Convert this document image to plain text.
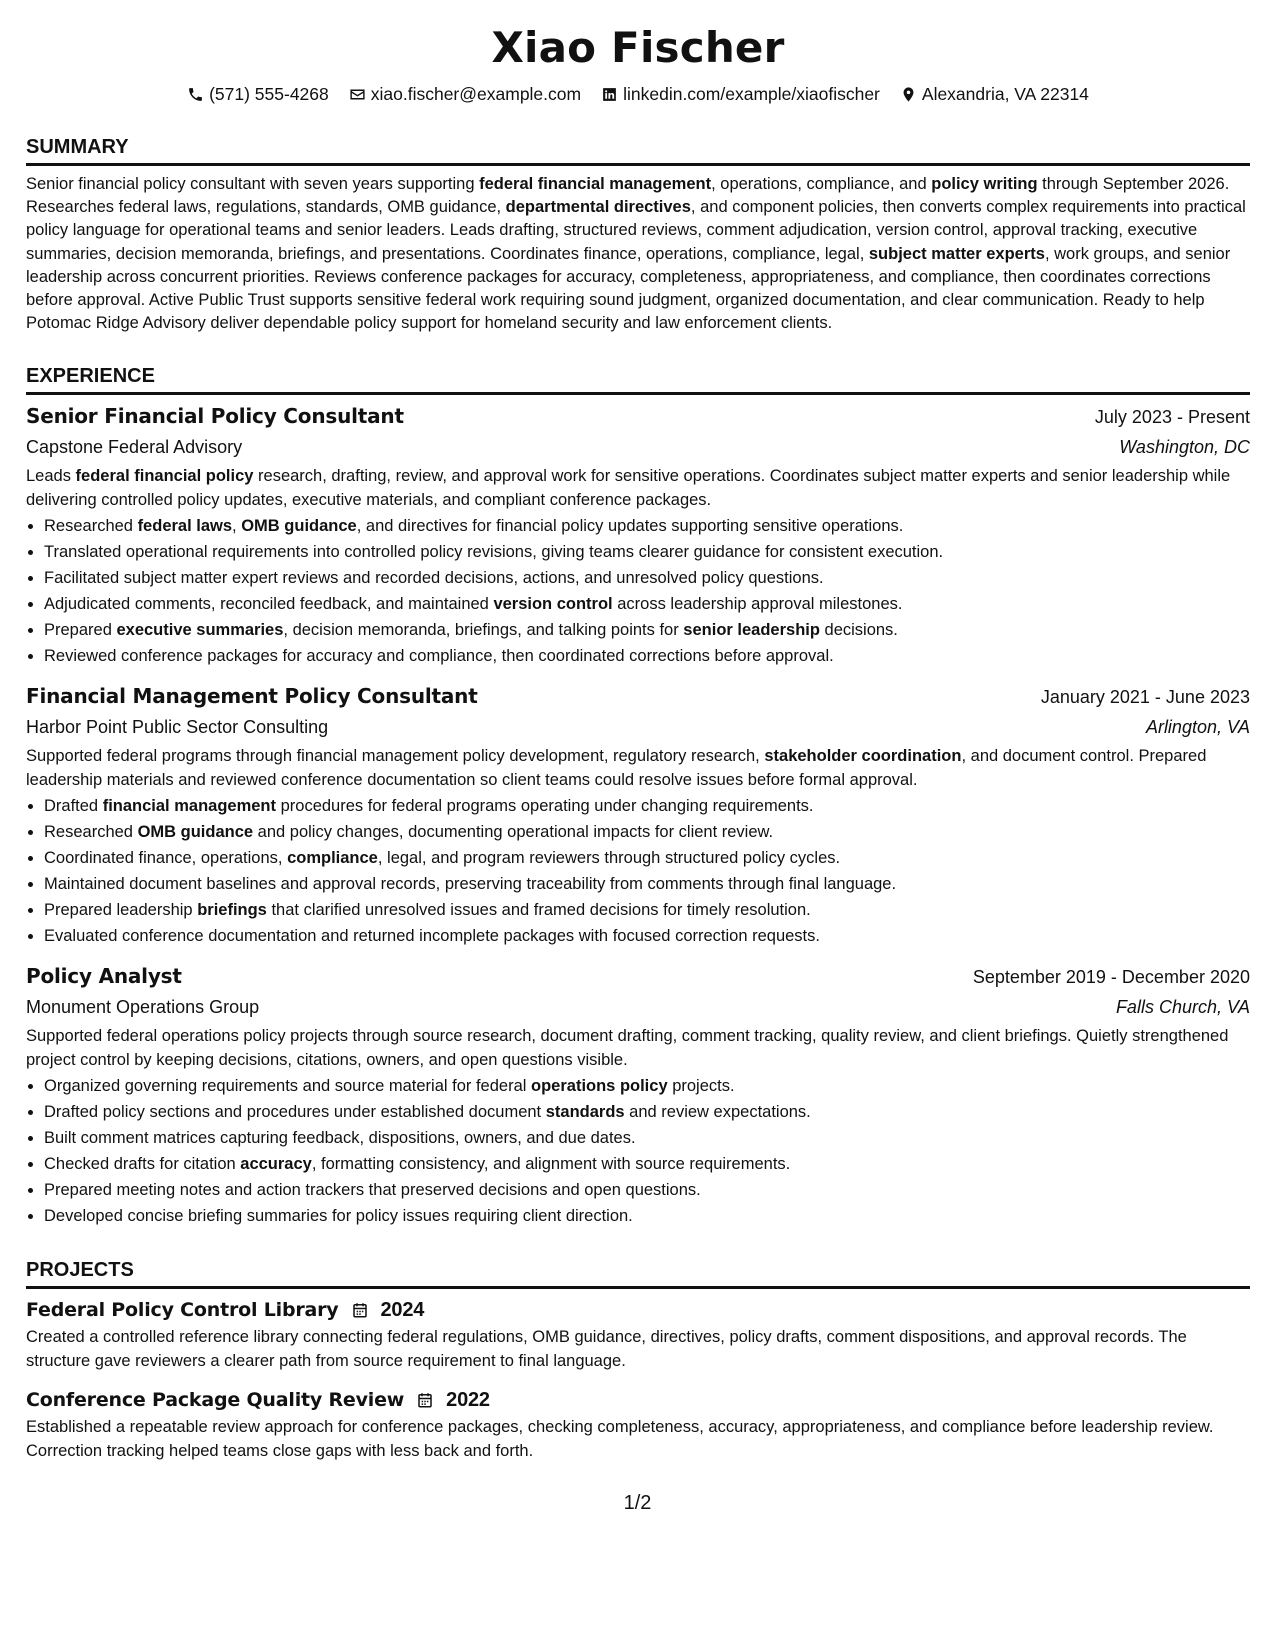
Xiao Fischer
(571) 555-4268 xiao.fischer@example.com linkedin.com/example/xiaofischer Alexandria, VA 22314
SUMMARY
Senior financial policy consultant with seven years supporting federal financial management, operations, compliance, and policy writing through September 2026. Researches federal laws, regulations, standards, OMB guidance, departmental directives, and component policies, then converts complex requirements into practical policy language for operational teams and senior leaders. Leads drafting, structured reviews, comment adjudication, version control, approval tracking, executive summaries, decision memoranda, briefings, and presentations. Coordinates finance, operations, compliance, legal, subject matter experts, work groups, and senior leadership across concurrent priorities. Reviews conference packages for accuracy, completeness, appropriateness, and compliance, then coordinates corrections before approval. Active Public Trust supports sensitive federal work requiring sound judgment, organized documentation, and clear communication. Ready to help Potomac Ridge Advisory deliver dependable policy support for homeland security and law enforcement clients.
EXPERIENCE
Senior Financial Policy Consultant	July 2023 - Present
Capstone Federal Advisory	Washington, DC
Leads federal financial policy research, drafting, review, and approval work for sensitive operations. Coordinates subject matter experts and senior leadership while delivering controlled policy updates, executive materials, and compliant conference packages.
• Researched federal laws, OMB guidance, and directives for financial policy updates supporting sensitive operations.
• Translated operational requirements into controlled policy revisions, giving teams clearer guidance for consistent execution.
• Facilitated subject matter expert reviews and recorded decisions, actions, and unresolved policy questions.
• Adjudicated comments, reconciled feedback, and maintained version control across leadership approval milestones.
• Prepared executive summaries, decision memoranda, briefings, and talking points for senior leadership decisions.
• Reviewed conference packages for accuracy and compliance, then coordinated corrections before approval.
Financial Management Policy Consultant	January 2021 - June 2023
Harbor Point Public Sector Consulting	Arlington, VA
Supported federal programs through financial management policy development, regulatory research, stakeholder coordination, and document control. Prepared leadership materials and reviewed conference documentation so client teams could resolve issues before formal approval.
• Drafted financial management procedures for federal programs operating under changing requirements.
• Researched OMB guidance and policy changes, documenting operational impacts for client review.
• Coordinated finance, operations, compliance, legal, and program reviewers through structured policy cycles.
• Maintained document baselines and approval records, preserving traceability from comments through final language.
• Prepared leadership briefings that clarified unresolved issues and framed decisions for timely resolution.
• Evaluated conference documentation and returned incomplete packages with focused correction requests.
Policy Analyst	September 2019 - December 2020
Monument Operations Group	Falls Church, VA
Supported federal operations policy projects through source research, document drafting, comment tracking, quality review, and client briefings. Quietly strengthened project control by keeping decisions, citations, owners, and open questions visible.
• Organized governing requirements and source material for federal operations policy projects.
• Drafted policy sections and procedures under established document standards and review expectations.
• Built comment matrices capturing feedback, dispositions, owners, and due dates.
• Checked drafts for citation accuracy, formatting consistency, and alignment with source requirements.
• Prepared meeting notes and action trackers that preserved decisions and open questions.
• Developed concise briefing summaries for policy issues requiring client direction.
PROJECTS
Federal Policy Control Library 2024
Created a controlled reference library connecting federal regulations, OMB guidance, directives, policy drafts, comment dispositions, and approval records. The structure gave reviewers a clearer path from source requirement to final language.
Conference Package Quality Review 2022
Established a repeatable review approach for conference packages, checking completeness, accuracy, appropriateness, and compliance before leadership review. Correction tracking helped teams close gaps with less back and forth.
1/2
